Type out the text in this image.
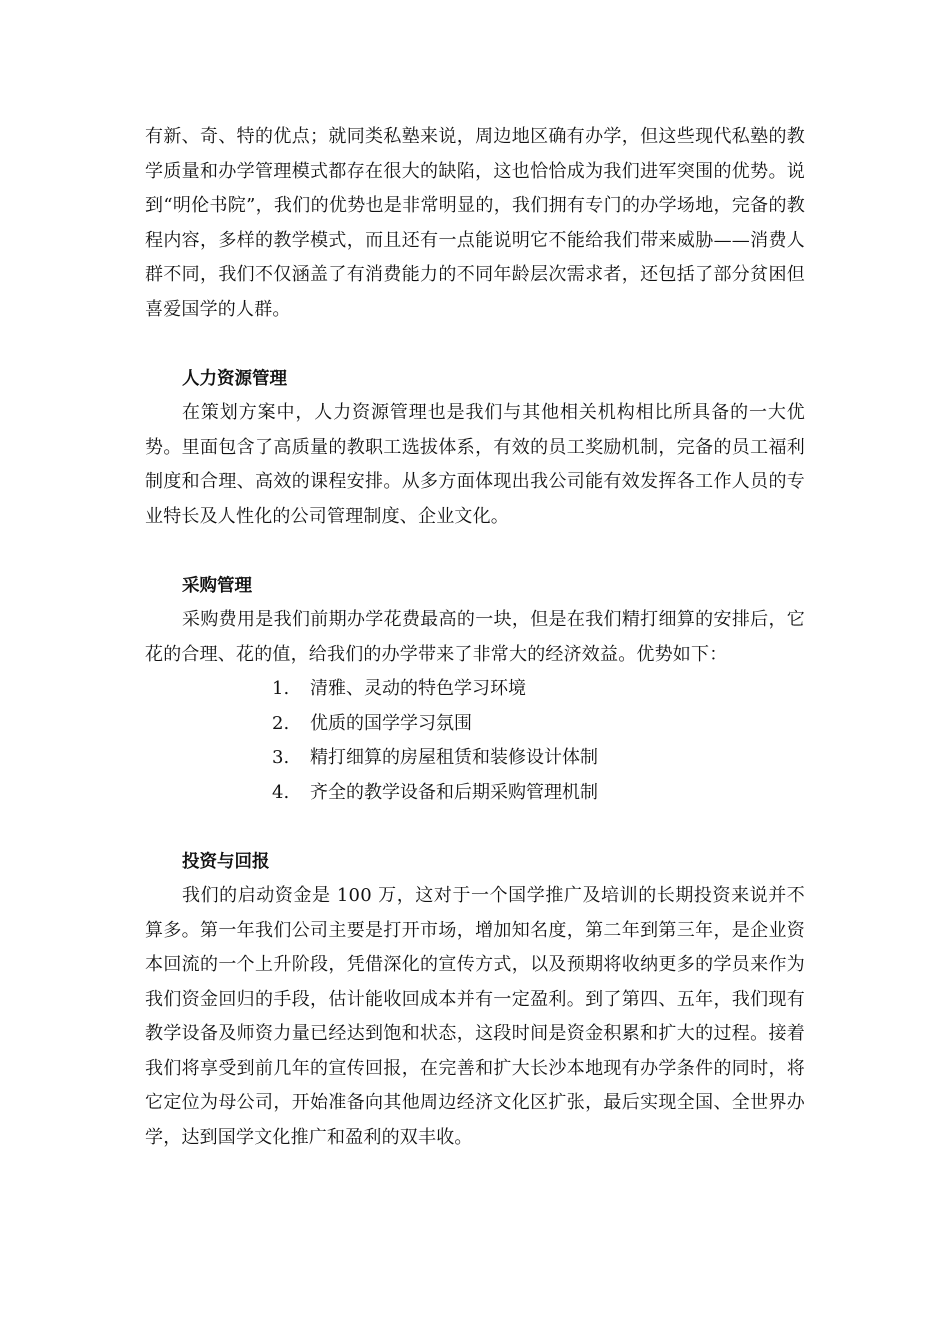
有新、奇、特的优点；就同类私塾来说，周边地区确有办学，但这些现代私塾的教学质量和办学管理模式都存在很大的缺陷，这也恰恰成为我们进军突围的优势。说到“明伦书院”，我们的优势也是非常明显的，我们拥有专门的办学场地，完备的教程内容，多样的教学模式，而且还有一点能说明它不能给我们带来威胁——消费人群不同，我们不仅涵盖了有消费能力的不同年龄层次需求者，还包括了部分贫困但喜爱国学的人群。

人力资源管理

在策划方案中，人力资源管理也是我们与其他相关机构相比所具备的一大优势。里面包含了高质量的教职工选拔体系，有效的员工奖励机制，完备的员工福利制度和合理、高效的课程安排。从多方面体现出我公司能有效发挥各工作人员的专业特长及人性化的公司管理制度、企业文化。

采购管理

采购费用是我们前期办学花费最高的一块，但是在我们精打细算的安排后，它花的合理、花的值，给我们的办学带来了非常大的经济效益。优势如下：

1.	清雅、灵动的特色学习环境
2.	优质的国学学习氛围
3.	精打细算的房屋租赁和装修设计体制
4.	齐全的教学设备和后期采购管理机制
投资与回报

我们的启动资金是 100 万，这对于一个国学推广及培训的长期投资来说并不算多。第一年我们公司主要是打开市场，增加知名度，第二年到第三年，是企业资本回流的一个上升阶段，凭借深化的宣传方式，以及预期将收纳更多的学员来作为我们资金回归的手段，估计能收回成本并有一定盈利。到了第四、五年，我们现有教学设备及师资力量已经达到饱和状态，这段时间是资金积累和扩大的过程。接着我们将享受到前几年的宣传回报，在完善和扩大长沙本地现有办学条件的同时，将它定位为母公司，开始准备向其他周边经济文化区扩张，最后实现全国、全世界办学，达到国学文化推广和盈利的双丰收。
